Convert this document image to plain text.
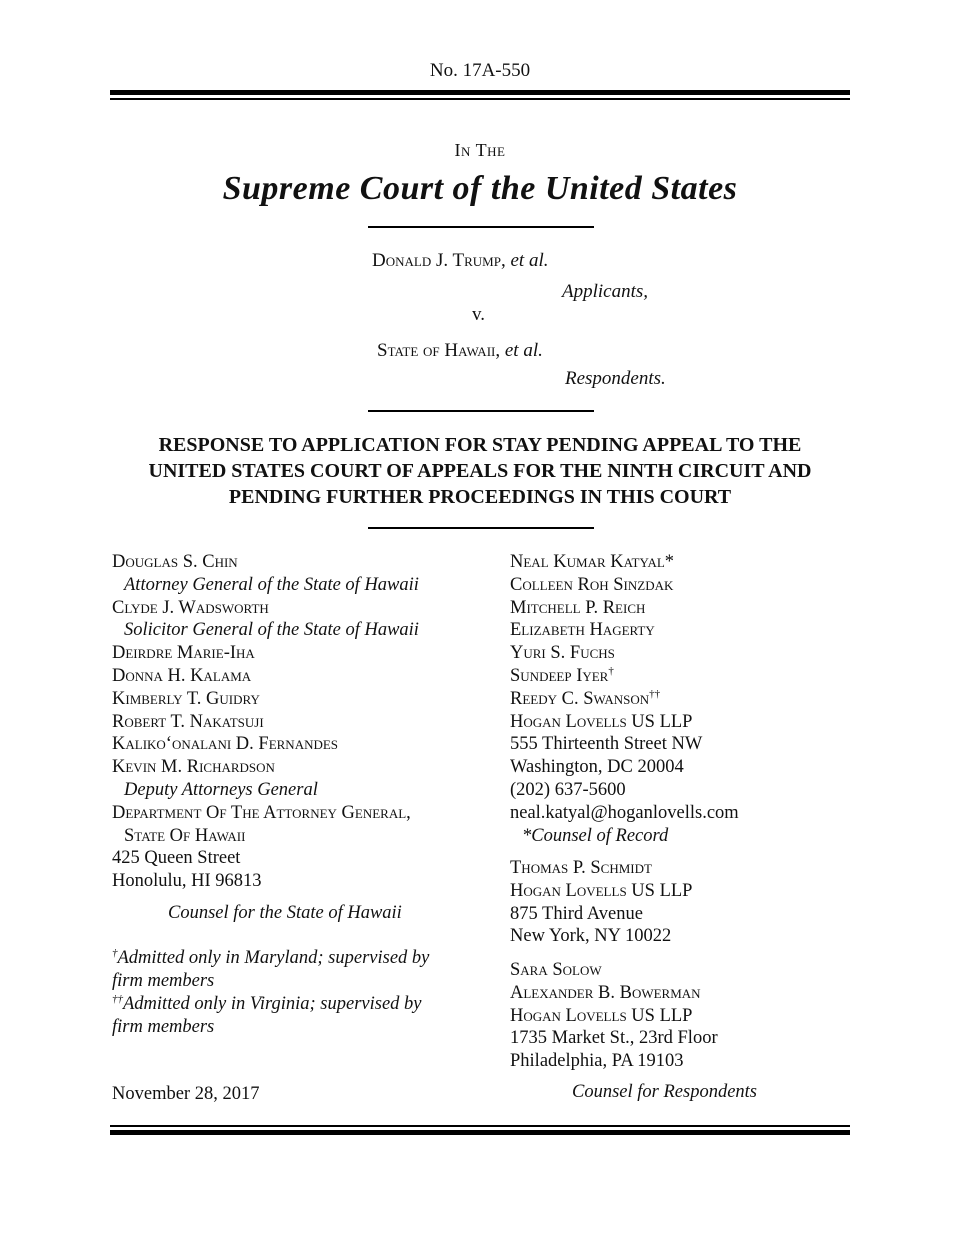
No. 17A-550
In The
Supreme Court of the United States
Donald J. Trump, et al.
Applicants,
v.
State of Hawaii, et al.
Respondents.
RESPONSE TO APPLICATION FOR STAY PENDING APPEAL TO THE
UNITED STATES COURT OF APPEALS FOR THE NINTH CIRCUIT AND
PENDING FURTHER PROCEEDINGS IN THIS COURT
Douglas S. Chin
Attorney General of the State of Hawaii
Clyde J. Wadsworth
Solicitor General of the State of Hawaii
Deirdre Marie-Iha
Donna H. Kalama
Kimberly T. Guidry
Robert T. Nakatsuji
Kaliko‘onalani D. Fernandes
Kevin M. Richardson
Deputy Attorneys General
Department Of The Attorney General,
State Of Hawaii
425 Queen Street
Honolulu, HI 96813
Counsel for the State of Hawaii
†Admitted only in Maryland; supervised by
firm members
††Admitted only in Virginia; supervised by
firm members
November 28, 2017
Neal Kumar Katyal*
Colleen Roh Sinzdak
Mitchell P. Reich
Elizabeth Hagerty
Yuri S. Fuchs
Sundeep Iyer†
Reedy C. Swanson††
Hogan Lovells US LLP
555 Thirteenth Street NW
Washington, DC 20004
(202) 637-5600
neal.katyal@hoganlovells.com
*Counsel of Record
Thomas P. Schmidt
Hogan Lovells US LLP
875 Third Avenue
New York, NY 10022
Sara Solow
Alexander B. Bowerman
Hogan Lovells US LLP
1735 Market St., 23rd Floor
Philadelphia, PA 19103
Counsel for Respondents
